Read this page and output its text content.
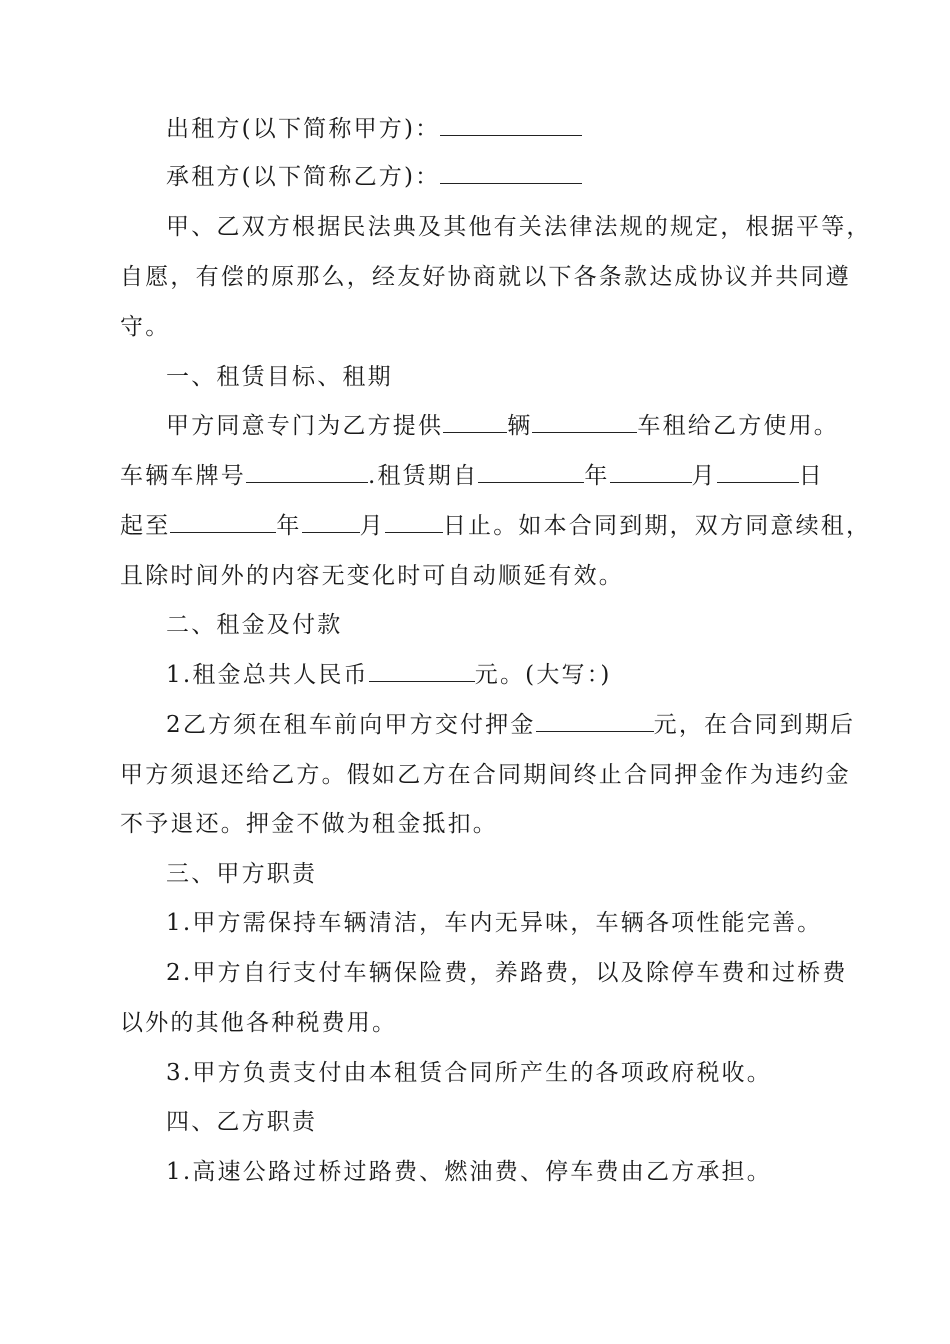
出租方(以下简称甲方)：
承租方(以下简称乙方)：
甲、乙双方根据民法典及其他有关法律法规的规定，根据平等，
自愿，有偿的原那么，经友好协商就以下各条款达成协议并共同遵
守。
一、租赁目标、租期
甲方同意专门为乙方提供	辆	车租给乙方使用。
车辆车牌号	.租赁期自	年	月	日
起至	年	月	日止。如本合同到期，双方同意续租，
且除时间外的内容无变化时可自动顺延有效。
二、租金及付款
1.租金总共人民币	元。(大写：)
2乙方须在租车前向甲方交付押金	元，在合同到期后
甲方须退还给乙方。假如乙方在合同期间终止合同押金作为违约金
不予退还。押金不做为租金抵扣。
三、甲方职责
1.甲方需保持车辆清洁，车内无异味，车辆各项性能完善。
2.甲方自行支付车辆保险费，养路费，以及除停车费和过桥费
以外的其他各种税费用。
3.甲方负责支付由本租赁合同所产生的各项政府税收。
四、乙方职责
1.高速公路过桥过路费、燃油费、停车费由乙方承担。
